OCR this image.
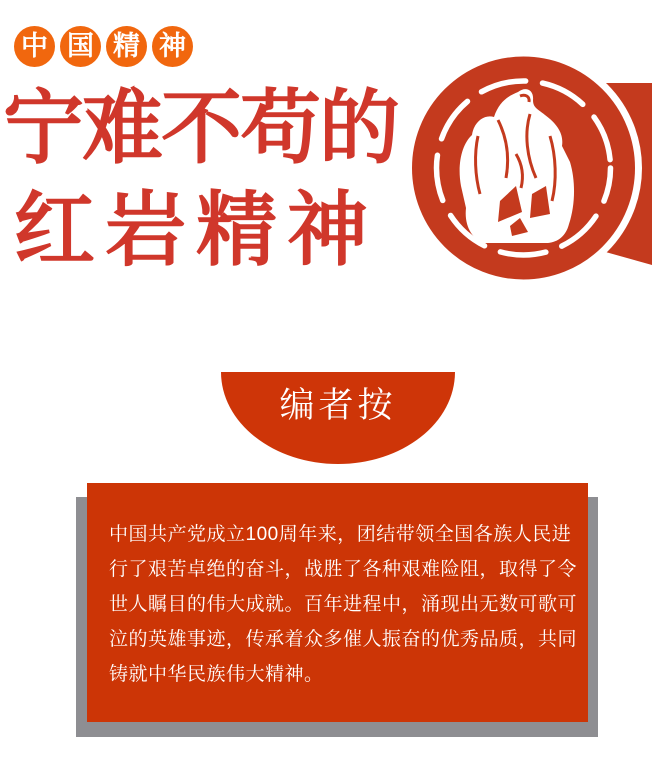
中 国 精 神
宁难不苟的
红岩精神
编者按
中国共产党成立100周年来，团结带领全国各族人民进
行了艰苦卓绝的奋斗，战胜了各种艰难险阻，取得了令
世人瞩目的伟大成就。百年进程中，涌现出无数可歌可
泣的英雄事迹，传承着众多催人振奋的优秀品质，共同
铸就中华民族伟大精神。
